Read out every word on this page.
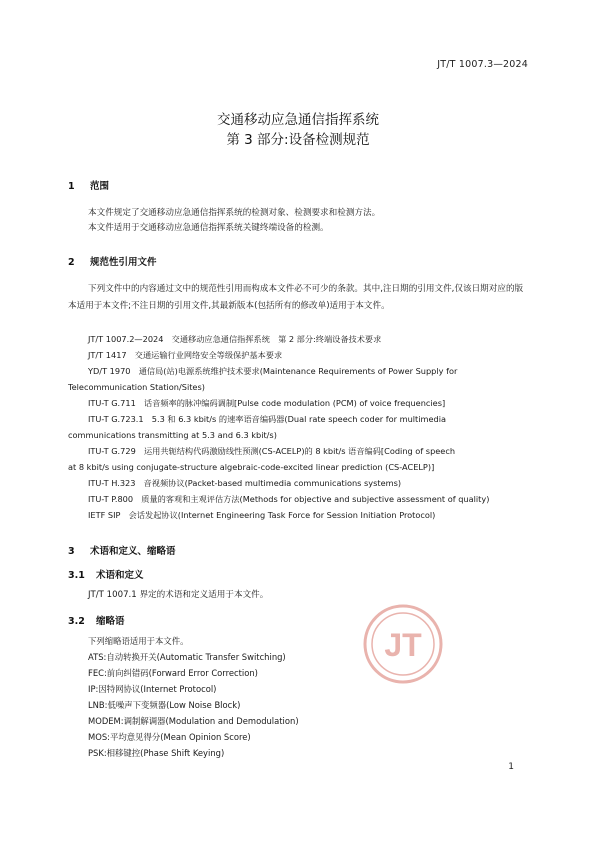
JT/T 1007.3—2024
交通移动应急通信指挥系统
第 3 部分:设备检测规范
1 范围
本文件规定了交通移动应急通信指挥系统的检测对象、检测要求和检测方法。
本文件适用于交通移动应急通信指挥系统关键终端设备的检测。
2 规范性引用文件
下列文件中的内容通过文中的规范性引用而构成本文件必不可少的条款。其中,注日期的引用文件,仅该日期对应的版本适用于本文件;不注日期的引用文件,其最新版本(包括所有的修改单)适用于本文件。
JT/T 1007.2—2024　交通移动应急通信指挥系统　第 2 部分:终端设备技术要求
JT/T 1417　交通运输行业网络安全等级保护基本要求
YD/T 1970　通信局(站)电源系统维护技术要求(Maintenance Requirements of Power Supply for
Telecommunication Station/Sites)
ITU-T G.711　话音频率的脉冲编码调制[Pulse code modulation (PCM) of voice frequencies]
ITU-T G.723.1　5.3 和 6.3 kbit/s 的速率语音编码器(Dual rate speech coder for multimedia
communications transmitting at 5.3 and 6.3 kbit/s)
ITU-T G.729　运用共轭结构代码激励线性预测(CS-ACELP)的 8 kbit/s 语音编码[Coding of speech
at 8 kbit/s using conjugate-structure algebraic-code-excited linear prediction (CS-ACELP)]
ITU-T H.323　音视频协议(Packet-based multimedia communications systems)
ITU-T P.800　质量的客观和主观评估方法(Methods for objective and subjective assessment of quality)
IETF SIP　会话发起协议(Internet Engineering Task Force for Session Initiation Protocol)
3 术语和定义、缩略语
3.1 术语和定义
JT/T 1007.1 界定的术语和定义适用于本文件。
3.2 缩略语
下列缩略语适用于本文件。
ATS:自动转换开关(Automatic Transfer Switching)
FEC:前向纠错码(Forward Error Correction)
IP:因特网协议(Internet Protocol)
LNB:低噪声下变频器(Low Noise Block)
MODEM:调制解调器(Modulation and Demodulation)
MOS:平均意见得分(Mean Opinion Score)
PSK:相移键控(Phase Shift Keying)
JT
1
